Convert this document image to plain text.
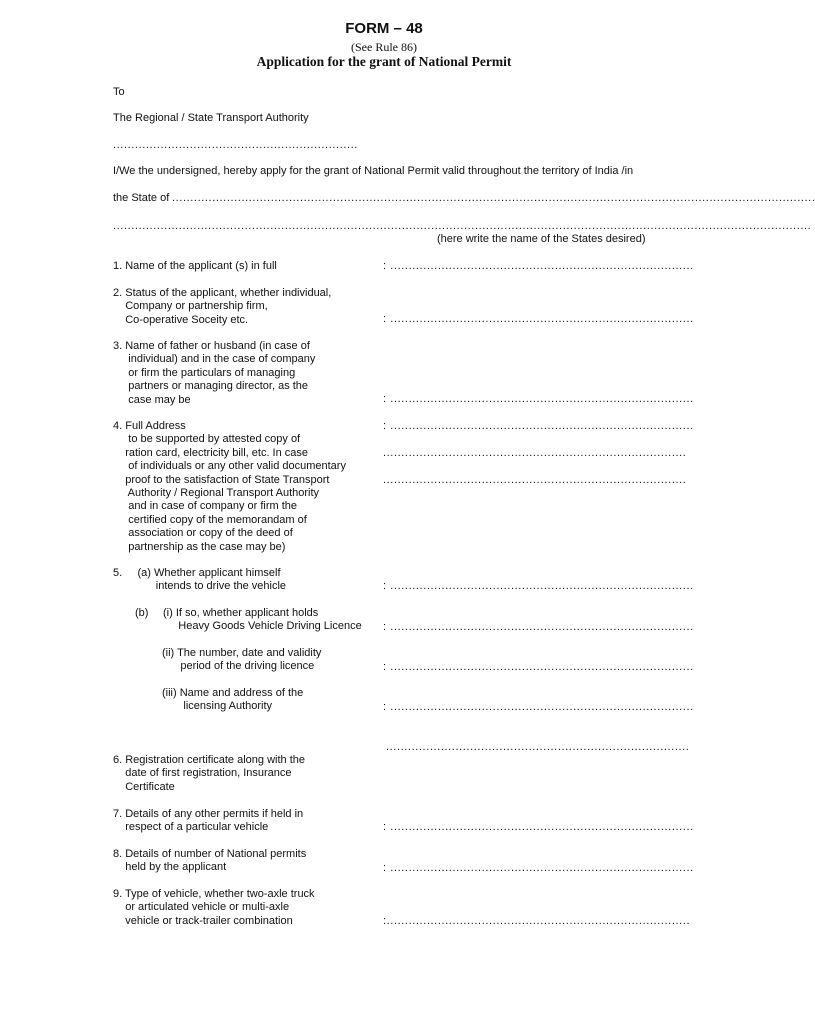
FORM – 48
(See Rule 86)
Application for the grant of National Permit
To
The Regional / State Transport Authority
...................................................................
I/We the undersigned, hereby apply for the grant of National Permit valid throughout the territory of India /in
the State of ................................................................................................................................................................................
...............................................................................................................................................................................................
(here write the name of the States desired)
1. Name of the applicant (s) in full	: ...................................................................................
2. Status of the applicant, whether individual,
Company or partnership firm,
Co-operative Soceity etc.	: ...................................................................................
3. Name of father or husband (in case of
individual) and in the case of company
or firm the particulars of managing
partners or managing director, as the
case may be	: ...................................................................................
4. Full Address
to be supported by attested copy of
ration card, electricity bill, etc. In case
of individuals or any other valid documentary
proof to the satisfaction of State Transport
Authority / Regional Transport Authority
and in case of company or firm the
certified copy of the memorandam of
association or copy of the deed of
partnership as the case may be)
: ...................................................................................
...................................................................................
...................................................................................
5.     (a) Whether applicant himself
intends to drive the vehicle	: ...................................................................................
(b) (i) If so, whether applicant holds
Heavy Goods Vehicle Driving Licence : ...................................................................................
(ii) The number, date and validity
period of the driving licence	: ...................................................................................
(iii) Name and address of the
licensing Authority	: ...................................................................................
...................................................................................
6. Registration certificate along with the
date of first registration, Insurance
Certificate
7. Details of any other permits if held in
respect of a particular vehicle	: ...................................................................................
8. Details of number of National permits
held by the applicant	: ...................................................................................
9. Type of vehicle, whether two-axle truck
or articulated vehicle or multi-axle
vehicle or track-trailer combination	:...................................................................................
